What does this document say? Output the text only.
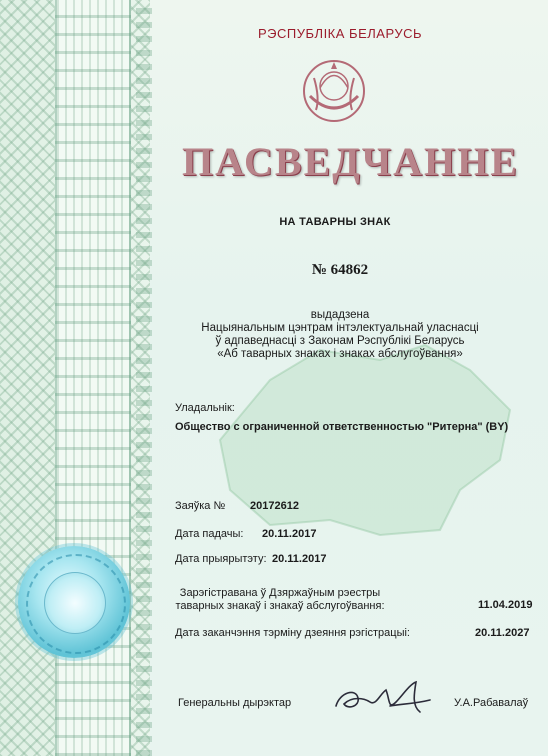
РЭСПУБЛІКА БЕЛАРУСЬ
ПАСВЕДЧАННЕ
НА ТАВАРНЫ ЗНАК
№ 64862
выдадзена
Нацыянальным цэнтрам інтэлектуальнай уласнасці
ў адпаведнасці з Законам Рэспублікі Беларусь
«Аб таварных знаках і знаках абслугоўвання»
Уладальнік:
Общество с ограниченной ответственностью "Ритерна" (BY)
Заяўка № 20172612
Дата падачы: 20.11.2017
Дата прыярытэту: 20.11.2017
Зарэгістравана ў Дзяржаўным рэестры
таварных знакаў і знакаў абслугоўвання:	11.04.2019
Дата заканчэння тэрміну дзеяння рэгістрацыі:	20.11.2027
Генеральны дырэктар	У.А.Рабавалаў
